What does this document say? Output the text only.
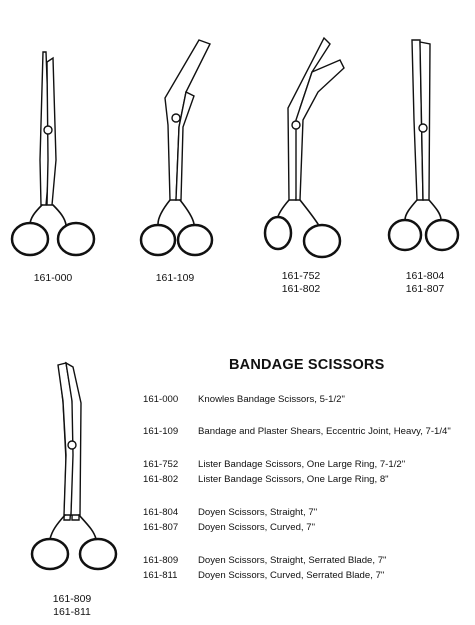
161-000	161-109	161-752
161-802
161-804
161-807
161-809
161-811
BANDAGE SCISSORS
161-000 Knowles Bandage Scissors, 5-1/2"
161-109 Bandage and Plaster Shears, Eccentric Joint, Heavy, 7-1/4"
161-752 Lister Bandage Scissors, One Large Ring, 7-1/2"
161-802 Lister Bandage Scissors, One Large Ring, 8"
161-804 Doyen Scissors, Straight, 7"
161-807 Doyen Scissors, Curved, 7"
161-809 Doyen Scissors, Straight, Serrated Blade, 7"
161-811 Doyen Scissors, Curved, Serrated Blade, 7"
